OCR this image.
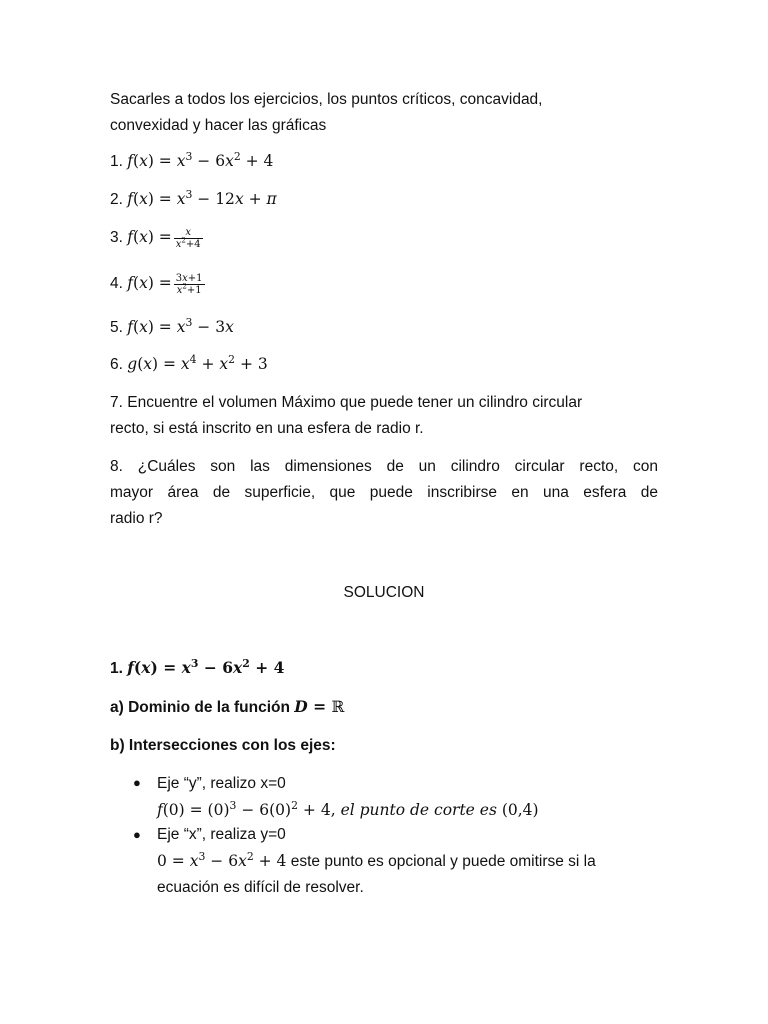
Sacarles a todos los ejercicios, los puntos críticos, concavidad,
convexidad y hacer las gráficas
1. $f(x) = x^3 - 6x^2 + 4$
2. $f(x) = x^3 - 12x + \pi$
3. $f(x) = \frac{x}{x^2+4}$
4. $f(x) = \frac{3x+1}{x^2+1}$
5. $f(x) = x^3 - 3x$
6. $g(x) = x^4 + x^2 + 3$
7. Encuentre el volumen Máximo que puede tener un cilindro circular
recto, si está inscrito en una esfera de radio r.
8. ¿Cuáles son las dimensiones de un cilindro circular recto, con
mayor área de superficie, que puede inscribirse en una esfera de
radio r?
SOLUCION
1. $f(x) = x^3 - 6x^2 + 4$
a) Dominio de la función D = ℝ
b) Intersecciones con los ejes:
● Eje “y”, realizo x=0
$f(0) = (0)^3 - 6(0)^2 + 4$, el punto de corte es (0,4)
● Eje “x”, realiza y=0
$0 = x^3 - 6x^2 + 4$ este punto es opcional y puede omitirse si la
ecuación es difícil de resolver.
